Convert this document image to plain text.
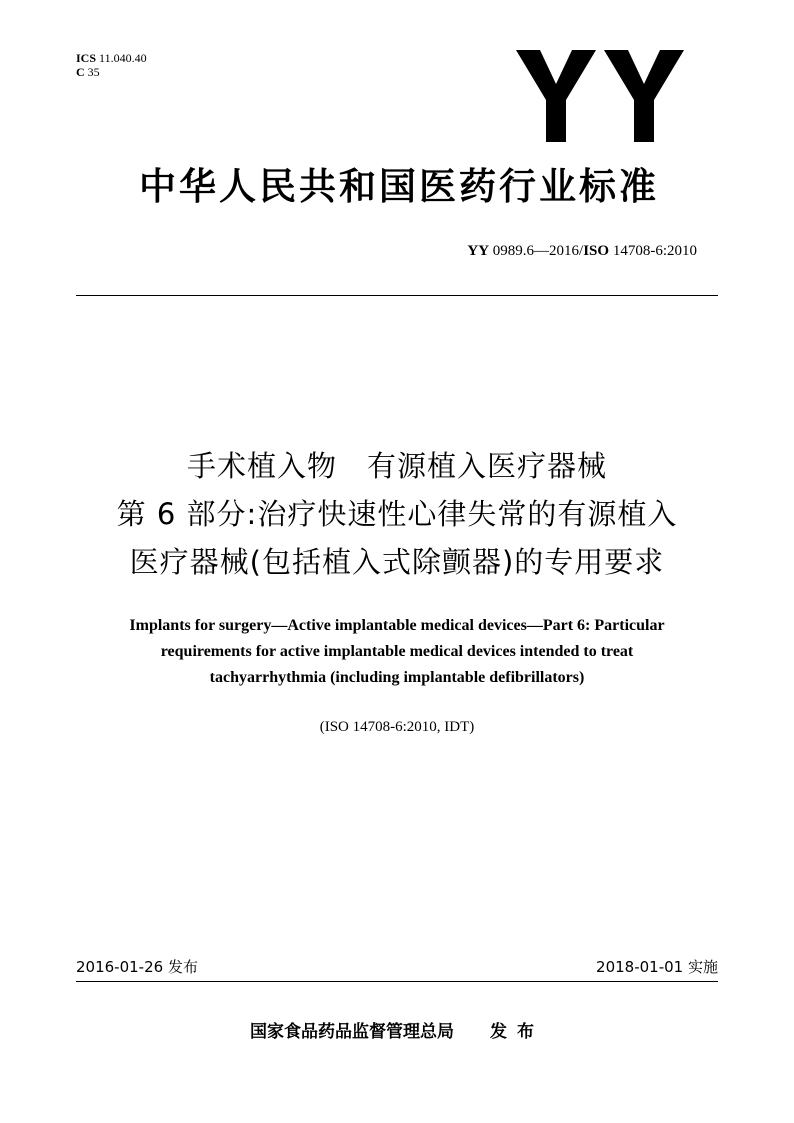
ICS 11.040.40
C 35
中华人民共和国医药行业标准
YY 0989.6—2016/ISO 14708-6:2010
手术植入物　有源植入医疗器械
第 6 部分:治疗快速性心律失常的有源植入
医疗器械(包括植入式除颤器)的专用要求
Implants for surgery—Active implantable medical devices—Part 6: Particular
requirements for active implantable medical devices intended to treat
tachyarrhythmia (including implantable defibrillators)
(ISO 14708-6:2010, IDT)
2016-01-26 发布	2018-01-01 实施
国家食品药品监督管理总局 发布
